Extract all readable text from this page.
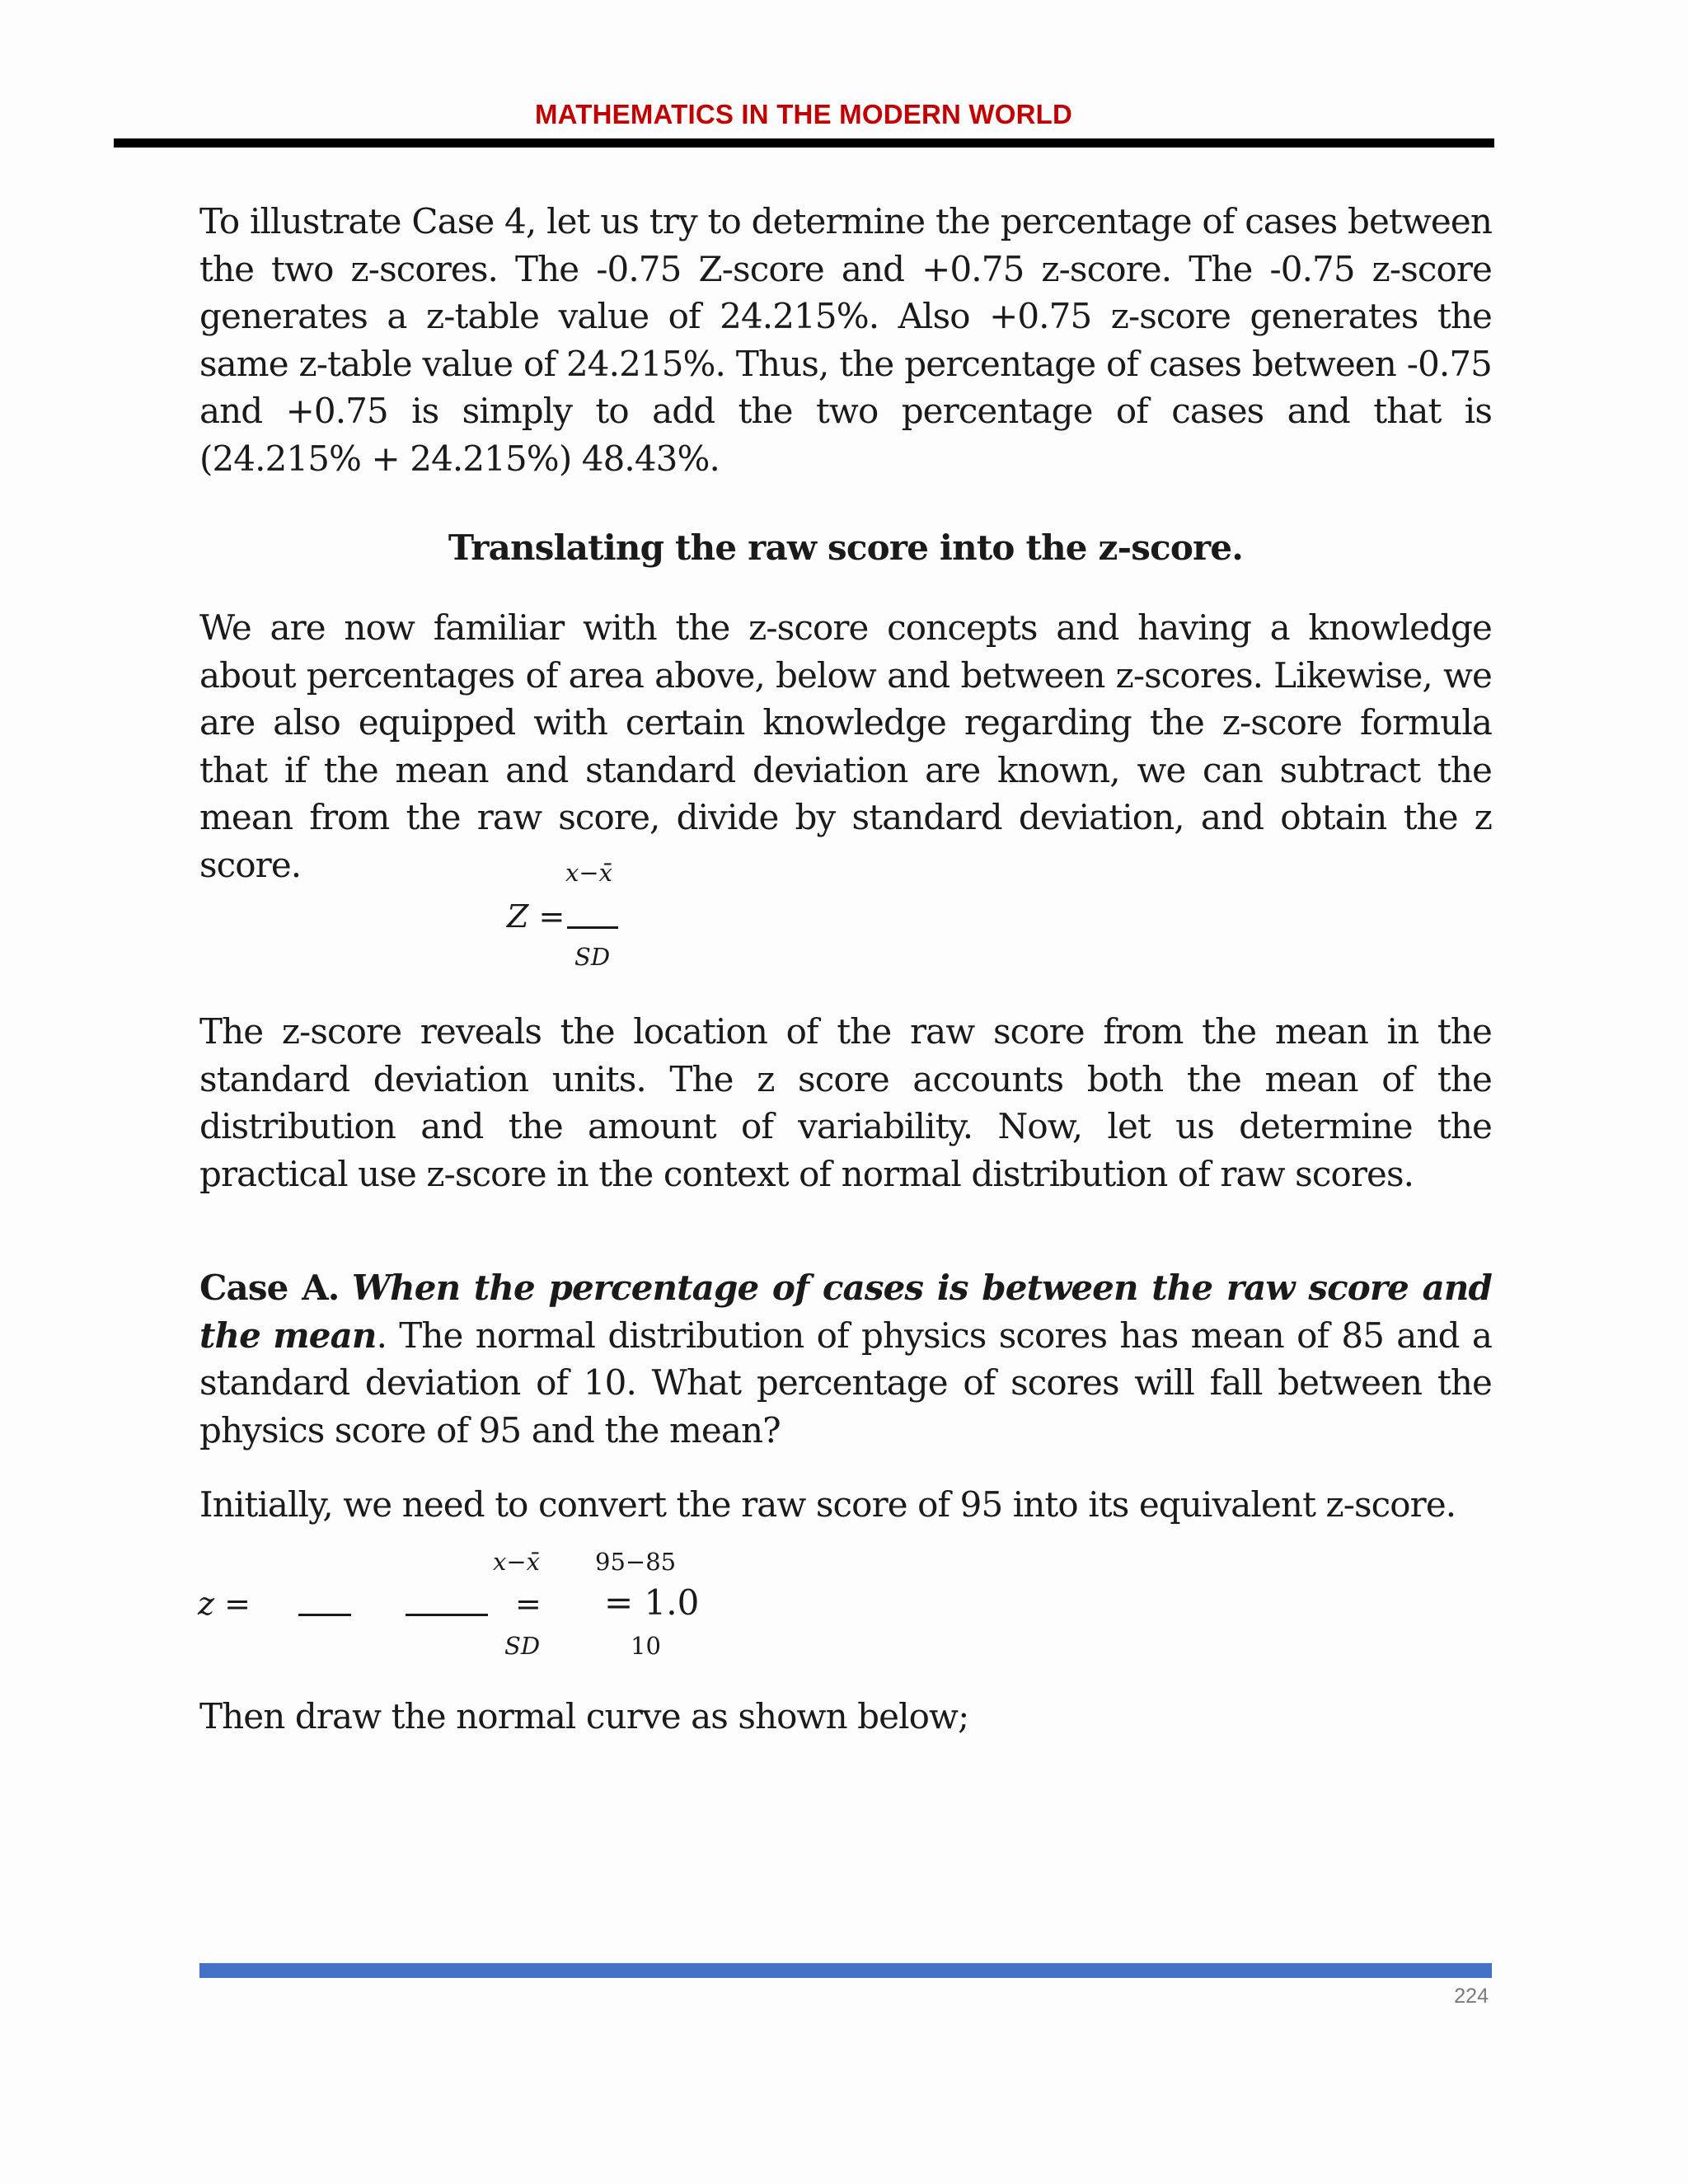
MATHEMATICS IN THE MODERN WORLD

To illustrate Case 4, let us try to determine the percentage of cases between the two z-scores. The -0.75 Z-score and +0.75 z-score. The -0.75 z-score generates a z-table value of 24.215%. Also +0.75 z-score generates the same z-table value of 24.215%. Thus, the percentage of cases between -0.75 and +0.75 is simply to add the two percentage of cases and that is (24.215% + 24.215%) 48.43%.

Translating the raw score into the z-score.

We are now familiar with the z-score concepts and having a knowledge about percentages of area above, below and between z-scores. Likewise, we are also equipped with certain knowledge regarding the z-score formula that if the mean and standard deviation are known, we can subtract the mean from the raw score, divide by standard deviation, and obtain the z score.	x−x̄
Z =
SD

The z-score reveals the location of the raw score from the mean in the standard deviation units. The z score accounts both the mean of the distribution and the amount of variability. Now, let us determine the practical use z-score in the context of normal distribution of raw scores.

Case A. When the percentage of cases is between the raw score and the mean. The normal distribution of physics scores has mean of 85 and a standard deviation of 10. What percentage of scores will fall between the physics score of 95 and the mean?

Initially, we need to convert the raw score of 95 into its equivalent z-score.

x−x̄ 95−85
z =	= = 1.0
SD	10

Then draw the normal curve as shown below;

224
